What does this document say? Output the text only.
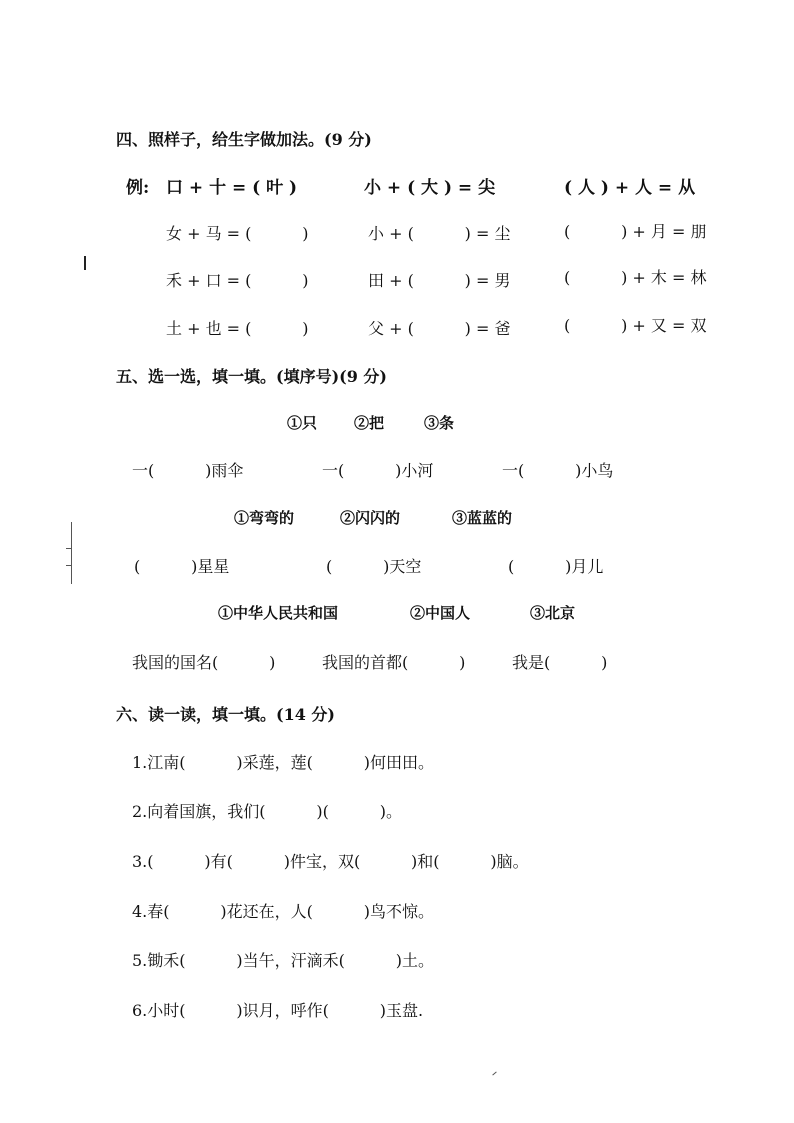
四、照样子，给生字做加法。(9 分)
例: 口 + 十 = ( 叶 )	小 + ( 大 ) = 尖	( 人 ) + 人 = 从
女 + 马 = (          )	小 + (          ) = 尘	(          ) + 月 = 朋
禾 + 口 = (          )	田 + (          ) = 男	(          ) + 木 = 林
土 + 也 = (          )	父 + (          ) = 爸	(          ) + 又 = 双
五、选一选，填一填。(填序号)(9 分)
①只 ②把	③条
一(          )雨伞	一(          )小河	一(          )小鸟
①弯弯的	②闪闪的	③蓝蓝的
(          )星星	(          )天空	(          )月儿
①中华人民共和国	②中国人	③北京
我国的国名(          )	我国的首都(          )	我是(          )
六、读一读，填一填。(14 分)
1.江南(          )采莲，莲(          )何田田。
2.向着国旗，我们(          )(          )。
3.(          )有(          )件宝，双(          )和(          )脑。
4.春(          )花还在，人(          )鸟不惊。
5.锄禾(          )当午，汗滴禾(          )土。
6.小时(          )识月，呼作(          )玉盘.
